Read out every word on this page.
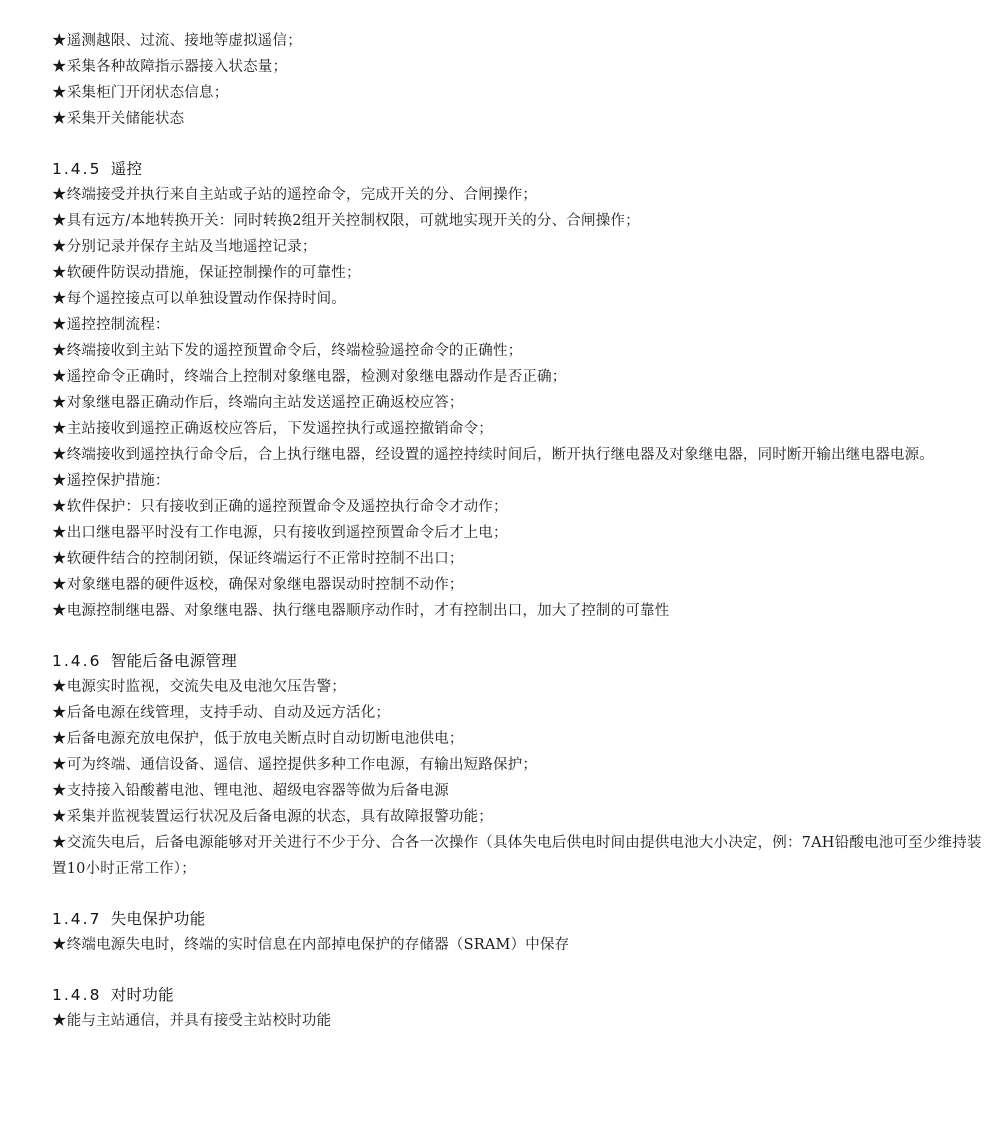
★遥测越限、过流、接地等虚拟遥信；
★采集各种故障指示器接入状态量；
★采集柜门开闭状态信息；
★采集开关储能状态
1.4.5 遥控
★终端接受并执行来自主站或子站的遥控命令，完成开关的分、合闸操作；
★具有远方/本地转换开关：同时转换2组开关控制权限，可就地实现开关的分、合闸操作；
★分别记录并保存主站及当地遥控记录；
★软硬件防误动措施，保证控制操作的可靠性；
★每个遥控接点可以单独设置动作保持时间。
★遥控控制流程：
★终端接收到主站下发的遥控预置命令后，终端检验遥控命令的正确性；
★遥控命令正确时，终端合上控制对象继电器，检测对象继电器动作是否正确；
★对象继电器正确动作后，终端向主站发送遥控正确返校应答；
★主站接收到遥控正确返校应答后，下发遥控执行或遥控撤销命令；
★终端接收到遥控执行命令后，合上执行继电器，经设置的遥控持续时间后，断开执行继电器及对象继电器，同时断开输出继电器电源。
★遥控保护措施：
★软件保护：只有接收到正确的遥控预置命令及遥控执行命令才动作；
★出口继电器平时没有工作电源，只有接收到遥控预置命令后才上电；
★软硬件结合的控制闭锁，保证终端运行不正常时控制不出口；
★对象继电器的硬件返校，确保对象继电器误动时控制不动作；
★电源控制继电器、对象继电器、执行继电器顺序动作时，才有控制出口，加大了控制的可靠性
1.4.6 智能后备电源管理
★电源实时监视，交流失电及电池欠压告警；
★后备电源在线管理，支持手动、自动及远方活化；
★后备电源充放电保护，低于放电关断点时自动切断电池供电；
★可为终端、通信设备、遥信、遥控提供多种工作电源，有输出短路保护；
★支持接入铅酸蓄电池、锂电池、超级电容器等做为后备电源
★采集并监视装置运行状况及后备电源的状态，具有故障报警功能；
★交流失电后，后备电源能够对开关进行不少于分、合各一次操作（具体失电后供电时间由提供电池大小决定，例：7AH铅酸电池可至少维持装置10小时正常工作）；
1.4.7 失电保护功能
★终端电源失电时，终端的实时信息在内部掉电保护的存储器（SRAM）中保存
1.4.8 对时功能
★能与主站通信，并具有接受主站校时功能
